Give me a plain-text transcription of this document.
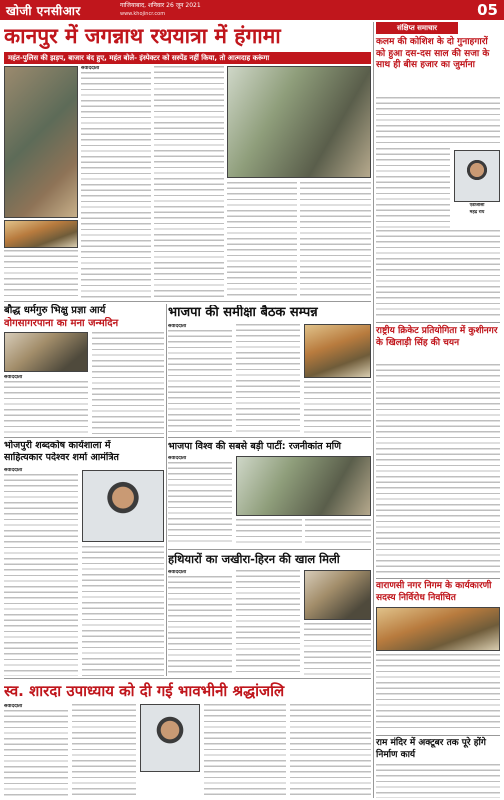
खोजी एनसीआर	गाजियाबाद, शनिवार 26 जून 2021
www.khojincr.com	05
कानपुर में जगन्नाथ रथयात्रा में हंगामा
महंत-पुलिस की झड़प, बाजार बंद हुए, महंत बोले- इंस्पेक्टर को सस्पेंड नहीं किया, तो आत्मदाह करूंगा
संवाददाता
बौद्ध धर्मगुरु भिक्षु प्रज्ञा आर्य
वोगसागरपाना का मना जन्मदिन
संवाददाता
भाजपा की समीक्षा बैठक सम्पन्न
संवाददाता
भोजपुरी शब्दकोष कार्यशाला में
साहित्यकार पदेश्वर शर्मा आमंत्रित
संवाददाता
भाजपा विश्व की सबसे बड़ी पार्टी: रजनीकांत मणि
संवाददाता
हथियारों का जखीरा-हिरन की खाल मिली
संवाददाता
स्व. शारदा उपाध्याय को दी गई भावभीनी श्रद्धांजलि
संवाददाता
संक्षिप्त समाचार
कलम की कोशिश के दो गुनाहगारों को हुआ दस-दस साल की सजा के साथ ही बीस हजार का जुर्माना
एडीजीसी
महेंद्र राय
राष्ट्रीय क्रिकेट प्रतियोगिता में कुशीनगर के खिलाड़ी सिंह की चयन
वाराणसी नगर निगम के कार्यकारणी सदस्य निर्विरोध निर्वाचित
राम मंदिर में अक्टूबर तक पूरे होंगे निर्माण कार्य
